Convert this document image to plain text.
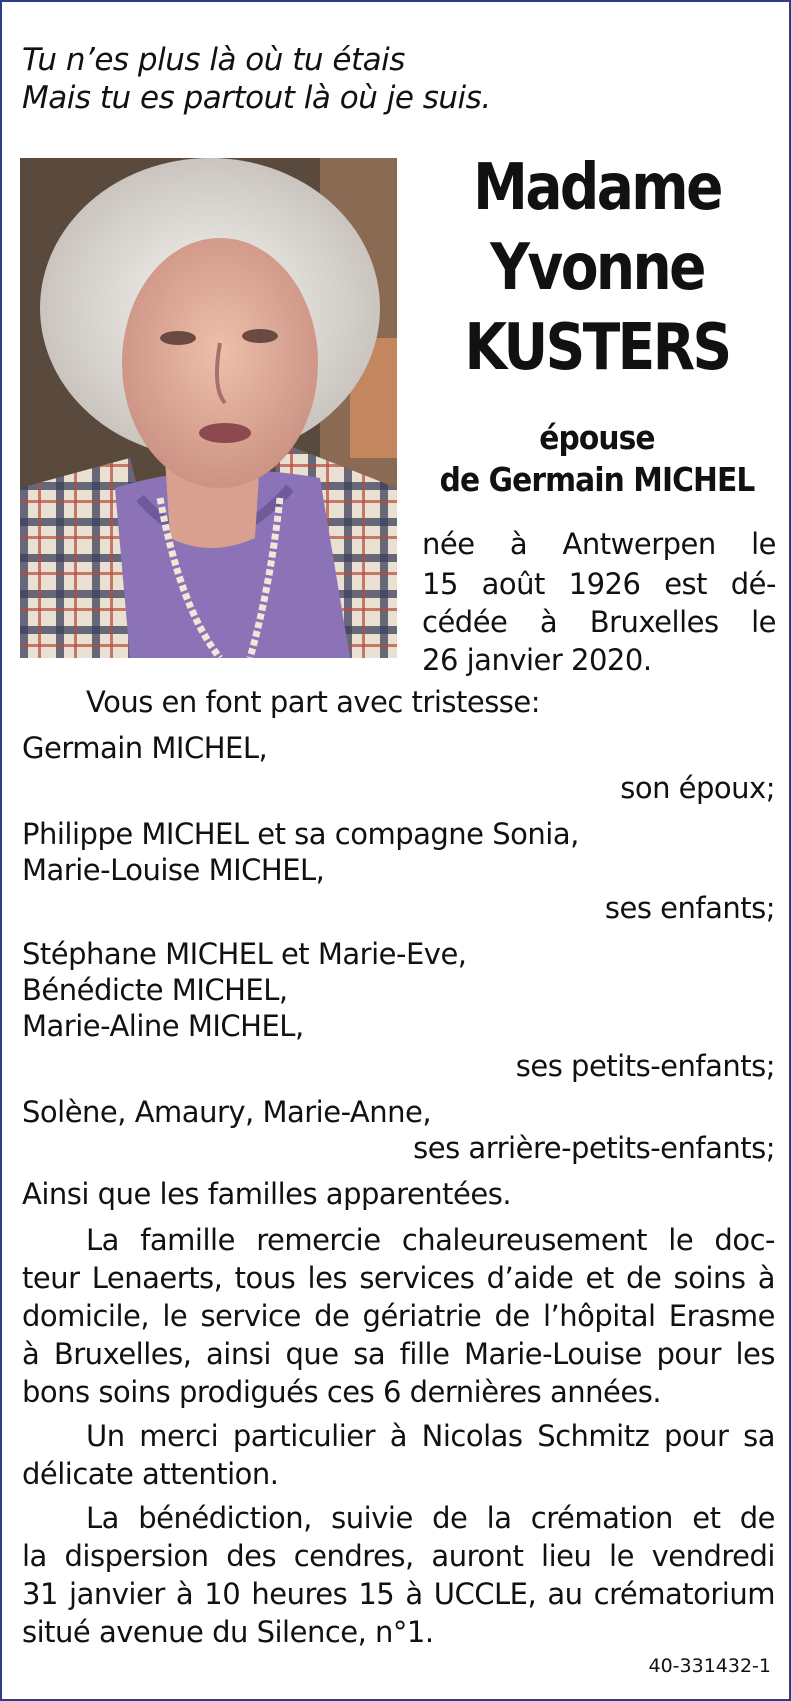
Tu n’es plus là où tu étais
Mais tu es partout là où je suis.
Madame
Yvonne
KUSTERS
épouse
de Germain MICHEL
née à Antwerpen le
15 août 1926 est dé-
cédée à Bruxelles le
26 janvier 2020.
Vous en font part avec tristesse:
Germain MICHEL,
son époux;
Philippe MICHEL et sa compagne Sonia,
Marie-Louise MICHEL,
ses enfants;
Stéphane MICHEL et Marie-Eve,
Bénédicte MICHEL,
Marie-Aline MICHEL,
ses petits-enfants;
Solène, Amaury, Marie-Anne,
ses arrière-petits-enfants;
Ainsi que les familles apparentées.
La famille remercie chaleureusement le doc-
teur Lenaerts, tous les services d’aide et de soins à
domicile, le service de gériatrie de l’hôpital Erasme
à Bruxelles, ainsi que sa fille Marie-Louise pour les
bons soins prodigués ces 6 dernières années.
Un merci particulier à Nicolas Schmitz pour sa
délicate attention.
La bénédiction, suivie de la crémation et de
la dispersion des cendres, auront lieu le vendredi
31 janvier à 10 heures 15 à UCCLE, au crématorium
situé avenue du Silence, n°1.
40-331432-1
